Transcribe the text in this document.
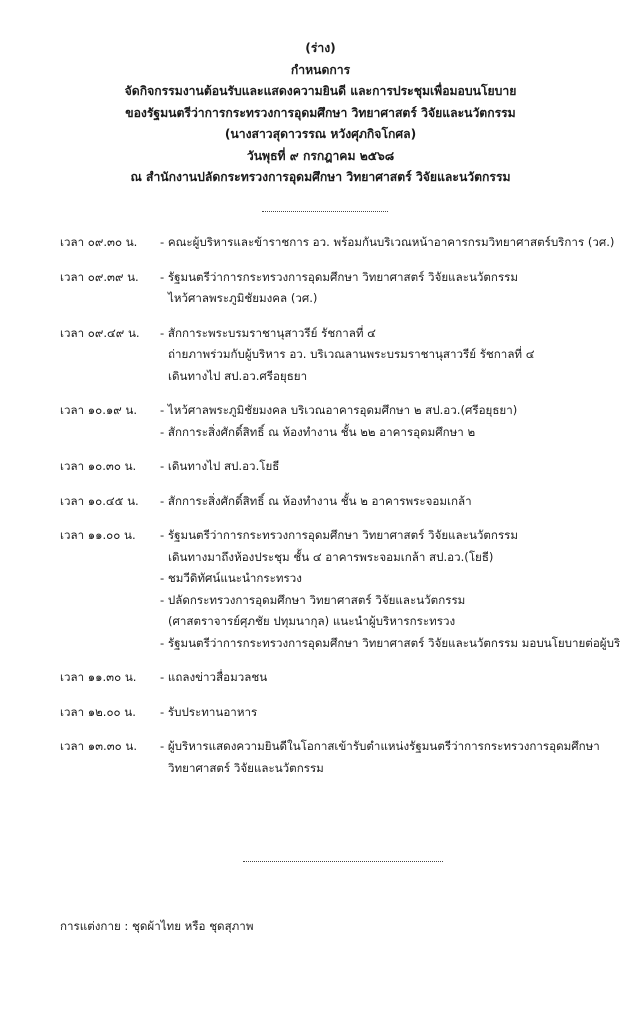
(ร่าง)
กำหนดการ
จัดกิจกรรมงานต้อนรับและแสดงความยินดี และการประชุมเพื่อมอบนโยบาย
ของรัฐมนตรีว่าการกระทรวงการอุดมศึกษา วิทยาศาสตร์ วิจัยและนวัตกรรม
(นางสาวสุดาวรรณ หวังศุภกิจโกศล)
วันพุธที่ ๙ กรกฎาคม ๒๕๖๘
ณ สำนักงานปลัดกระทรวงการอุดมศึกษา วิทยาศาสตร์ วิจัยและนวัตกรรม
เวลา ๐๙.๓๐ น.	- คณะผู้บริหารและข้าราชการ อว. พร้อมกันบริเวณหน้าอาคารกรมวิทยาศาสตร์บริการ (วศ.)
เวลา ๐๙.๓๙ น.	- รัฐมนตรีว่าการกระทรวงการอุดมศึกษา วิทยาศาสตร์ วิจัยและนวัตกรรม
ไหว้ศาลพระภูมิชัยมงคล (วศ.)
เวลา ๐๙.๔๙ น.	- สักการะพระบรมราชานุสาวรีย์ รัชกาลที่ ๔
ถ่ายภาพร่วมกับผู้บริหาร อว. บริเวณลานพระบรมราชานุสาวรีย์ รัชกาลที่ ๔
เดินทางไป สป.อว.ศรีอยุธยา
เวลา ๑๐.๑๙ น.	- ไหว้ศาลพระภูมิชัยมงคล บริเวณอาคารอุดมศึกษา ๒ สป.อว.(ศรีอยุธยา)
- สักการะสิ่งศักดิ์สิทธิ์ ณ ห้องทำงาน ชั้น ๒๒ อาคารอุดมศึกษา ๒
เวลา ๑๐.๓๐ น.	- เดินทางไป สป.อว.โยธี
เวลา ๑๐.๔๕ น.	- สักการะสิ่งศักดิ์สิทธิ์ ณ ห้องทำงาน ชั้น ๒ อาคารพระจอมเกล้า
เวลา ๑๑.๐๐ น.	- รัฐมนตรีว่าการกระทรวงการอุดมศึกษา วิทยาศาสตร์ วิจัยและนวัตกรรม
เดินทางมาถึงห้องประชุม ชั้น ๔ อาคารพระจอมเกล้า สป.อว.(โยธี)
- ชมวีดิทัศน์แนะนำกระทรวง
- ปลัดกระทรวงการอุดมศึกษา วิทยาศาสตร์ วิจัยและนวัตกรรม
(ศาสตราจารย์ศุภชัย ปทุมนากุล) แนะนำผู้บริหารกระทรวง
- รัฐมนตรีว่าการกระทรวงการอุดมศึกษา วิทยาศาสตร์ วิจัยและนวัตกรรม มอบนโยบายต่อผู้บริ
เวลา ๑๑.๓๐ น.	- แถลงข่าวสื่อมวลชน
เวลา ๑๒.๐๐ น.	- รับประทานอาหาร
เวลา ๑๓.๓๐ น.	- ผู้บริหารแสดงความยินดีในโอกาสเข้ารับตำแหน่งรัฐมนตรีว่าการกระทรวงการอุดมศึกษา
วิทยาศาสตร์ วิจัยและนวัตกรรม
การแต่งกาย : ชุดผ้าไทย หรือ ชุดสุภาพ
